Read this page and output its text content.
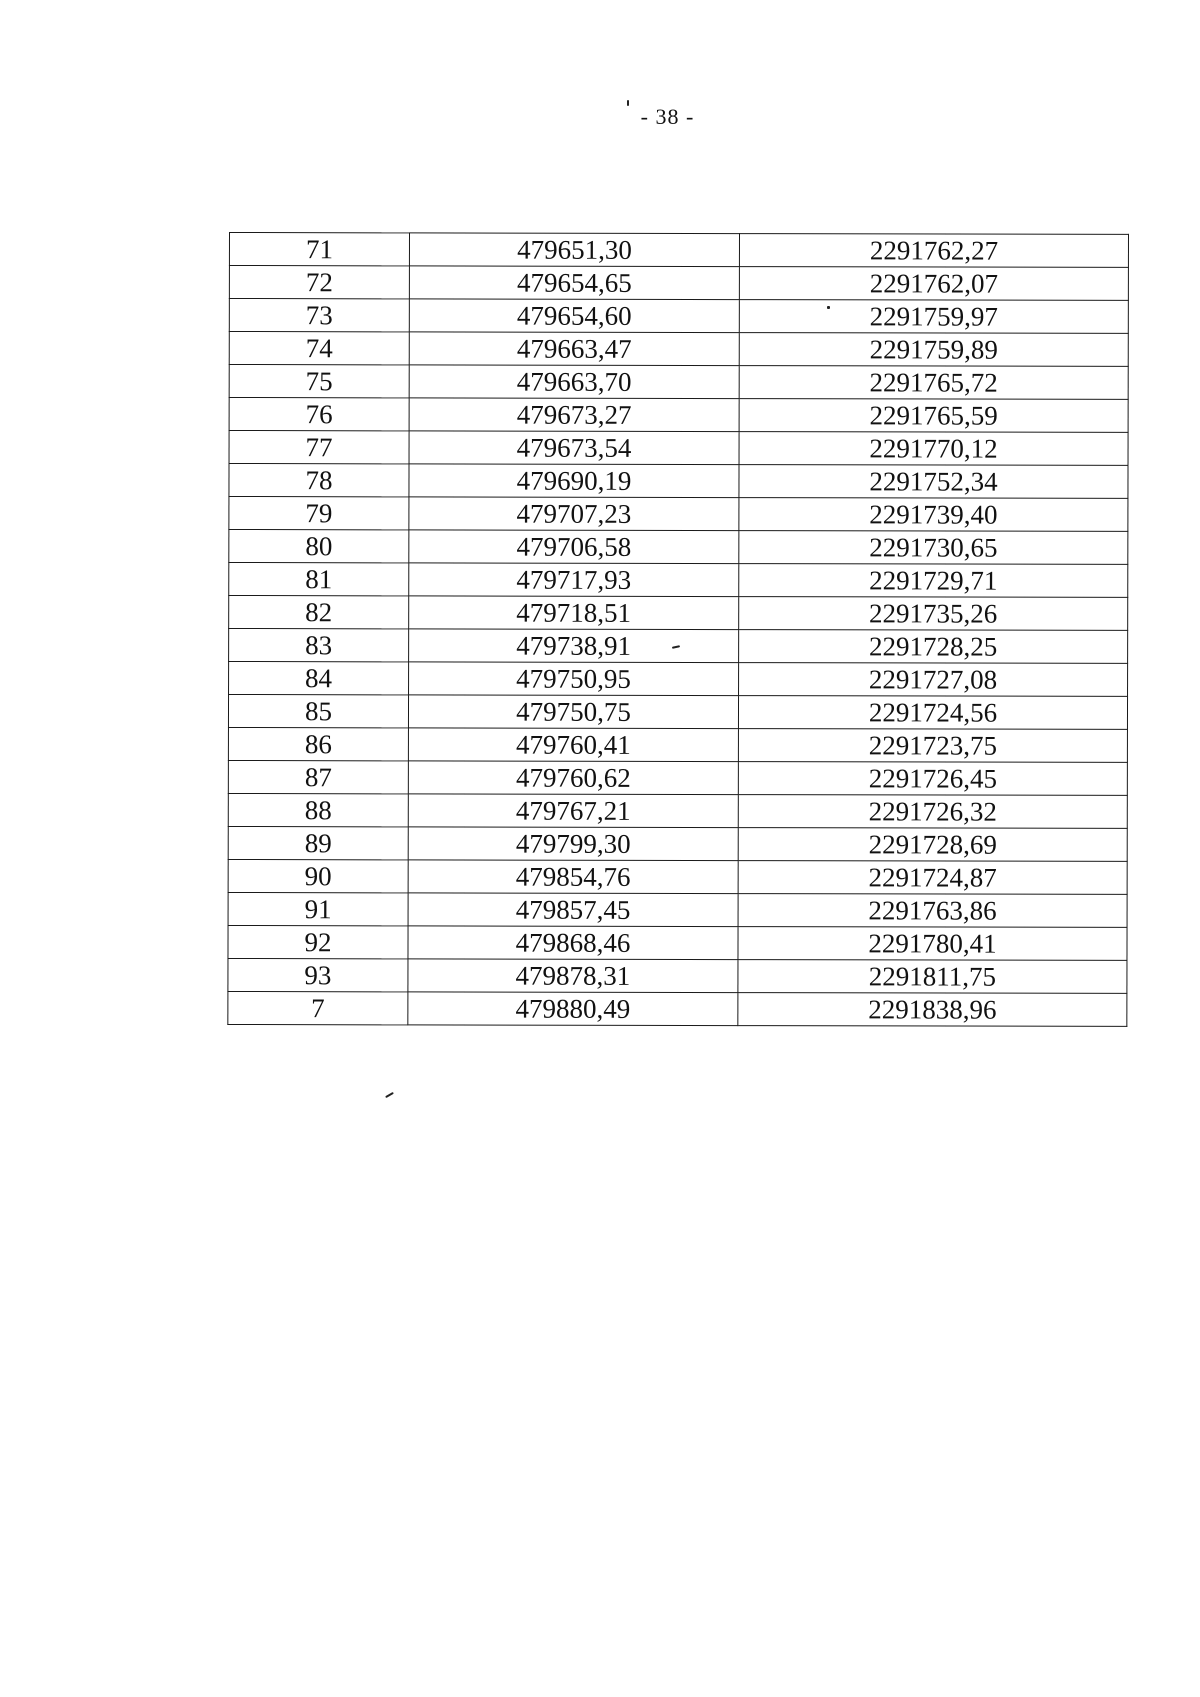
- 38 -
71	479651,30	2291762,27
72	479654,65	2291762,07
73	479654,60	2291759,97
74	479663,47	2291759,89
75	479663,70	2291765,72
76	479673,27	2291765,59
77	479673,54	2291770,12
78	479690,19	2291752,34
79	479707,23	2291739,40
80	479706,58	2291730,65
81	479717,93	2291729,71
82	479718,51	2291735,26
83	479738,91	2291728,25
84	479750,95	2291727,08
85	479750,75	2291724,56
86	479760,41	2291723,75
87	479760,62	2291726,45
88	479767,21	2291726,32
89	479799,30	2291728,69
90	479854,76	2291724,87
91	479857,45	2291763,86
92	479868,46	2291780,41
93	479878,31	2291811,75
7	479880,49	2291838,96
